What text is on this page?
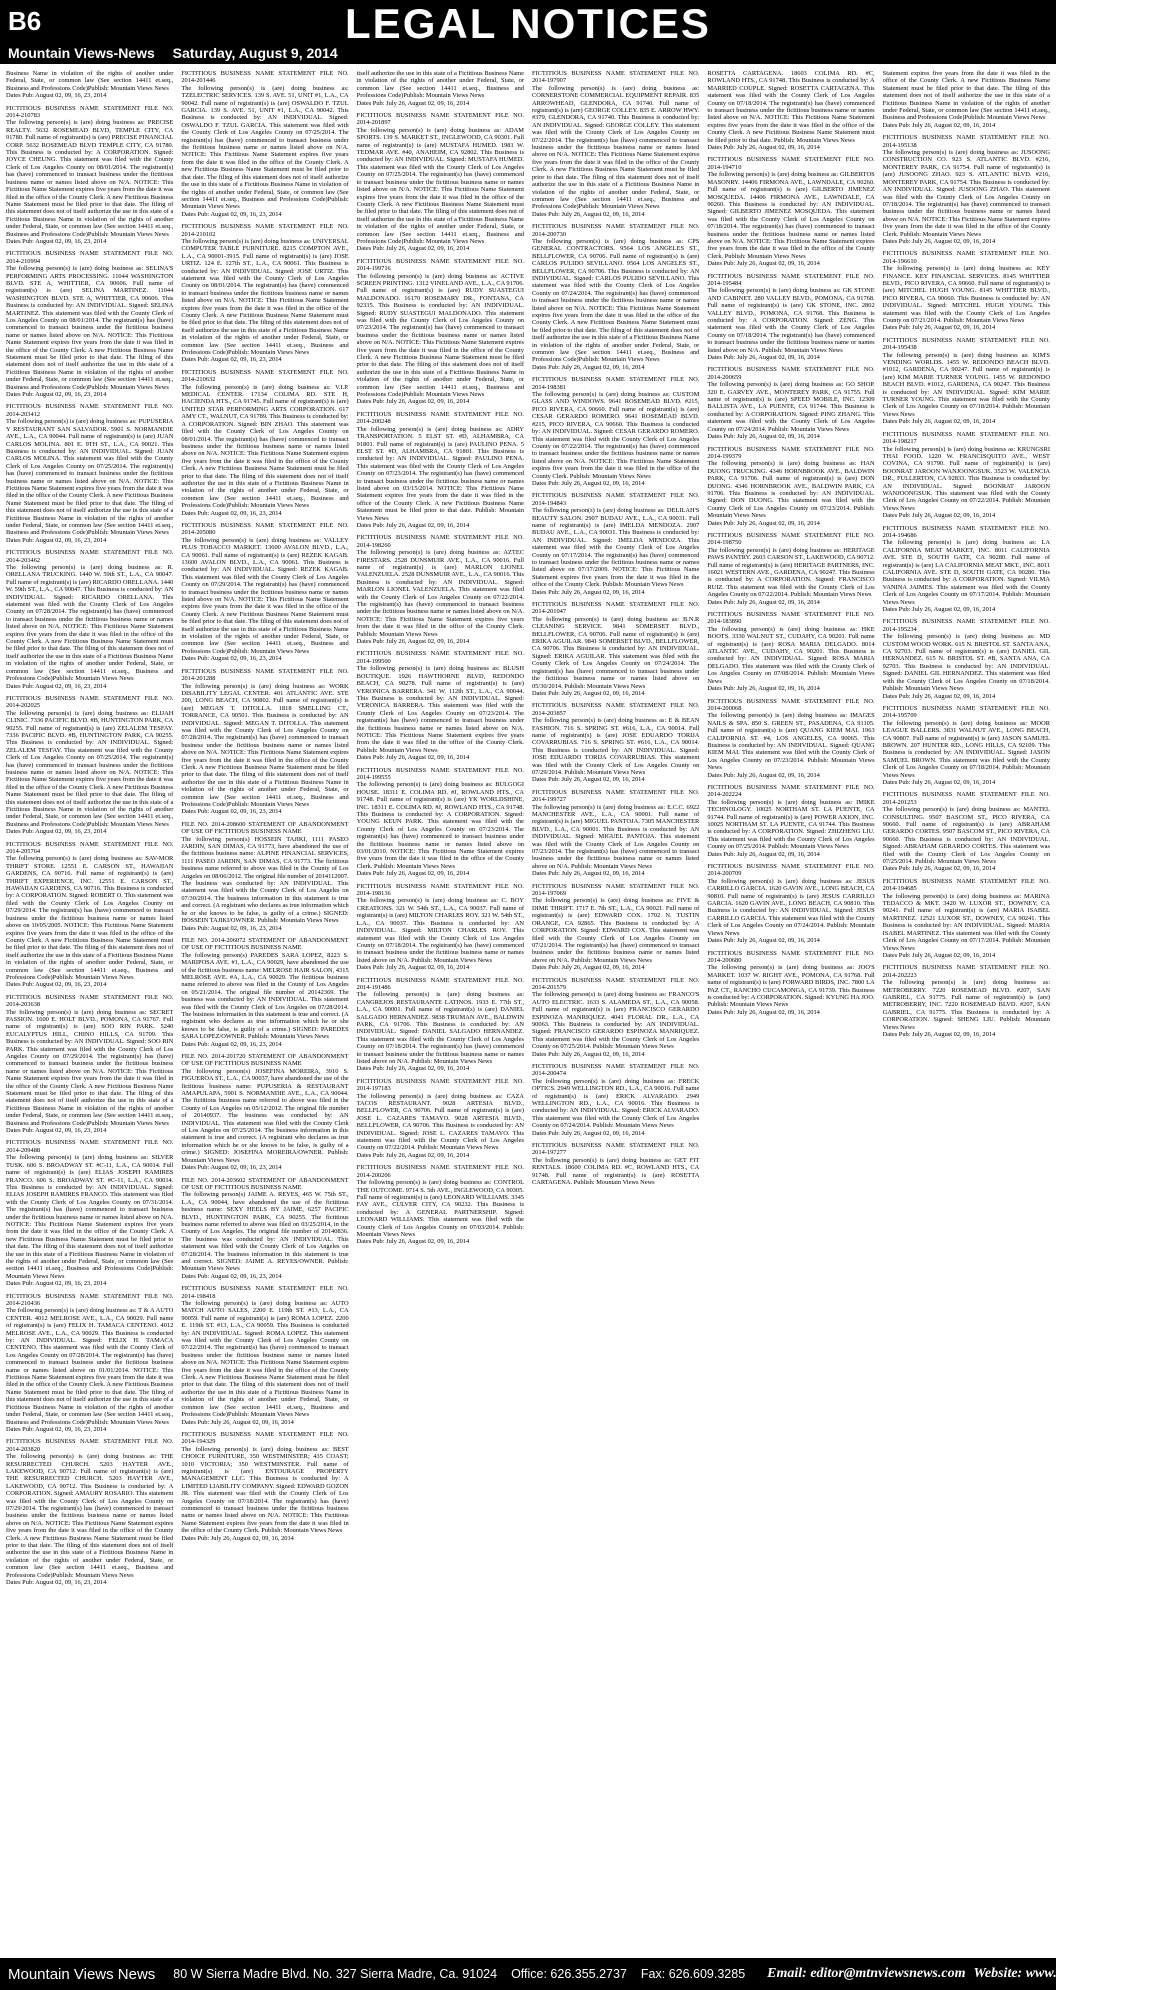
B6	LEGAL NOTICES
Mountain Views-News Saturday, August 9, 2014
Business Name in violation of the rights of another under Federal, State, or common law (See section 14411 et.seq., Business and Professions Code)Publish: Mountain Views News
Dates Pub: August 02, 09, 16, 23, 2014
FICTITIOUS BUSINESS NAME STATEMENT FILE NO. 2014-210783
The following person(s) is (are) doing business as: PRECISE REALTY. 5632 ROSEMEAD BLVD, TEMPLE CITY, CA 91780. Full name of registrant(s) is (are) PRECISE FINANCIAL CORP. 5632 ROSEMEAD BLVD TEMPLE CITY, CA 91780. This Business is conducted by: A CORPORATION. Signed: JOYCE CHEUNG. This statement was filed with the County Clerk of Los Angeles County on 08/01/2014. The registrant(s) has (have) commenced to transact business under the fictitious business name or names listed above on N/A. NOTICE: This Fictitious Name Statement expires five years from the date it was filed in the office of the County Clerk. A new Fictitious Business Name Statement must be filed prior to that date. The filing of this statement does not of itself authorize the use in this state of a Fictitious Business Name in violation of the rights of another under Federal, State, or common law (See section 14411 et.seq., Business and Professions Code)Publish: Mountain Views News
Dates Pub: August 02, 09, 16, 23, 2014
FICTITIOUS BUSINESS NAME STATEMENT FILE NO. 2014-210994
The following person(s) is (are) doing business as: SELINA'S PERFORMING ARTS PROCESSING. 11044 WASHINGTON BLVD. STE A, WHITTIER, CA 90606. Full name of registrant(s) is (are) SELINA MARTINEZ. 11044 WASHINGTON BLVD. STE A, WHITTIER, CA 90606. This Business is conducted by: AN INDIVIDUAL. Signed: SELINA MARTINEZ. This statement was filed with the County Clerk of Los Angeles County on 08/01/2014. The registrant(s) has (have) commenced to transact business under the fictitious business name or names listed above on N/A. NOTICE: This Fictitious Name Statement expires five years from the date it was filed in the office of the County Clerk. A new Fictitious Business Name Statement must be filed prior to that date. The filing of this statement does not of itself authorize the use in this state of a Fictitious Business Name in violation of the rights of another under Federal, State, or common law (See section 14411 et.seq., Business and Professions Code)Publish: Mountain Views News
Dates Pub: August 02, 09, 16, 23, 2014
FICTITIOUS BUSINESS NAME STATEMENT FILE NO. 2014-203412
The following person(s) is (are) doing business as: PUPUSERIA Y RESTAURANT SAN SALVADOR. 5901 S. NORMANDIE AVE., L.A., CA 90044. Full name of registrant(s) is (are) JUAN CARLOS MOLINA. 801 E. 9TH ST., L.A., CA 90021. This Business is conducted by: AN INDIVIDUAL. Signed: JUAN CARLOS MOLINA. This statement was filed with the County Clerk of Los Angeles County on 07/25/2014. The registrant(s) has (have) commenced to transact business under the fictitious business name or names listed above on N/A. NOTICE: This Fictitious Name Statement expires five years from the date it was filed in the office of the County Clerk. A new Fictitious Business Name Statement must be filed prior to that date. The filing of this statement does not of itself authorize the use in this state of a Fictitious Business Name in violation of the rights of another under Federal, State, or common law (See section 14411 et.seq., Business and Professions Code)Publish: Mountain Views News
Dates Pub: August 02, 09, 16, 23, 2014
FICTITIOUS BUSINESS NAME STATEMENT FILE NO. 2014-203462
The following person(s) is (are) doing business as: R. ORELLANA TRUCKING. 1440 W. 59th ST., L.A., CA 90047. Full name of registrant(s) is (are) RICARDO ORELLANA. 1440 W. 59th ST., L.A., CA 90047. This Business is conducted by: AN INDIVIDUAL. Signed: RICARDO ORELLANA. This statement was filed with the County Clerk of Los Angeles County on 07/28/2014. The registrant(s) has (have) commenced to transact business under the fictitious business name or names listed above on N/A. NOTICE: This Fictitious Name Statement expires five years from the date it was filed in the office of the County Clerk. A new Fictitious Business Name Statement must be filed prior to that date. The filing of this statement does not of itself authorize the use in this state of a Fictitious Business Name in violation of the rights of another under Federal, State, or common law (See section 14411 et.seq., Business and Professions Code)Publish: Mountain Views News
Dates Pub: August 02, 09, 16, 23, 2014
FICTITIOUS BUSINESS NAME STATEMENT FILE NO. 2014-202025
The following person(s) is (are) doing business as: ELIJAH CLINIC. 7336 PACIFIC BLVD. #B, HUNTINGTON PARK, CA 90255. Full name of registrant(s) is (are) ZELALEM TESFAY. 7336 PACIFIC BLVD. #B, HUNTINGTON PARK, CA 90255. This Business is conducted by: AN INDIVIDUAL. Signed: ZELALEM TESFAY. This statement was filed with the County Clerk of Los Angeles County on 07/25/2014. The registrant(s) has (have) commenced to transact business under the fictitious business name or names listed above on N/A. NOTICE: This Fictitious Name Statement expires five years from the date it was filed in the office of the County Clerk. A new Fictitious Business Name Statement must be filed prior to that date. The filing of this statement does not of itself authorize the use in this state of a Fictitious Business Name in violation of the rights of another under Federal, State, or common law (See section 14411 et.seq., Business and Professions Code)Publish: Mountain Views News
Dates Pub: August 02, 09, 16, 23, 2014
FICTITIOUS BUSINESS NAME STATEMENT FILE NO. 2014-205764
The following person(s) is (are) doing business as: SAV-MOR THRIFT STORE. 12551 E. CARSON ST., HAWAIIAN GARDENS, CA 90716. Full name of registrant(s) is (are) THRIFT EXPERIENCE, INC. 12551 E. CARSON ST., HAWAIIAN GARDENS, CA 90716. This Business is conducted by: A CORPORATION. Signed: ROBERT O. This statement was filed with the County Clerk of Los Angeles County on 07/29/2014. The registrant(s) has (have) commenced to transact business under the fictitious business name or names listed above on 10/05/2005. NOTICE: This Fictitious Name Statement expires five years from the date it was filed in the office of the County Clerk. A new Fictitious Business Name Statement must be filed prior to that date. The filing of this statement does not of itself authorize the use in this state of a Fictitious Business Name in violation of the rights of another under Federal, State, or common law (See section 14411 et.seq., Business and Professions Code)Publish: Mountain Views News
Dates Pub: August 02, 09, 16, 23, 2014
FICTITIOUS BUSINESS NAME STATEMENT FILE NO. 2014-203638
The following person(s) is (are) doing business as: SECRET PASSION. 1600 E. HOLT BLVD., POMONA, CA 91767. Full name of registrant(s) is (are) SOO RIN PARK. 5240 EUCALYPTUS HILL, CHINO HILLS, CA 91709. This Business is conducted by: AN INDIVIDUAL. Signed: SOO RIN PARK. This statement was filed with the County Clerk of Los Angeles County on 07/29/2014. The registrant(s) has (have) commenced to transact business under the fictitious business name or names listed above on N/A. NOTICE: This Fictitious Name Statement expires five years from the date it was filed in the office of the County Clerk. A new Fictitious Business Name Statement must be filed prior to that date. The filing of this statement does not of itself authorize the use in this state of a Fictitious Business Name in violation of the rights of another under Federal, State, or common law (See section 14411 et.seq., Business and Professions Code)Publish: Mountain Views News
Dates Pub: August 02, 09, 16, 23, 2014
FICTITIOUS BUSINESS NAME STATEMENT FILE NO. 2014-209488
The following person(s) is (are) doing business as: SILVER TUSK. 606 S. BROADWAY ST. #C-11, L.A., CA 90014. Full name of registrant(s) is (are) ELIAS JOSEPH RAMIRES FRANCO. 606 S. BROADWAY ST. #C-11, L.A., CA 90014. This Business is conducted by: AN INDIVIDUAL. Signed: ELIAS JOSEPH RAMIRES FRANCO. This statement was filed with the County Clerk of Los Angeles County on 07/31/2014. The registrant(s) has (have) commenced to transact business under the fictitious business name or names listed above on N/A. NOTICE: This Fictitious Name Statement expires five years from the date it was filed in the office of the County Clerk. A new Fictitious Business Name Statement must be filed prior to that date. The filing of this statement does not of itself authorize the use in this state of a Fictitious Business Name in violation of the rights of another under Federal, State, or common law (See section 14411 et.seq., Business and Professions Code)Publish: Mountain Views News
Dates Pub: August 02, 09, 16, 23, 2014
FICTITIOUS BUSINESS NAME STATEMENT FILE NO. 2014-210436
The following person(s) is (are) doing business as: T & A AUTO CENTER. 4012 MELROSE AVE., L.A., CA 90029. Full name of registrant(s) is (are) FELIX H. TAMACA CENTENO. 4012 MELROSE AVE., L.A., CA 90029. This Business is conducted by: AN INDIVIDUAL. Signed: FELIX H. TAMACA CENTENO. This statement was filed with the County Clerk of Los Angeles County on 07/28/2014. The registrant(s) has (have) commenced to transact business under the fictitious business name or names listed above on 01/01/2014. NOTICE: This Fictitious Name Statement expires five years from the date it was filed in the office of the County Clerk. A new Fictitious Business Name Statement must be filed prior to that date. The filing of this statement does not of itself authorize the use in this state of a Fictitious Business Name in violation of the rights of another under Federal, State, or common law (See section 14411 et.seq., Business and Professions Code)Publish: Mountain Views News
Dates Pub: August 02, 09, 16, 23, 2014
FICTITIOUS BUSINESS NAME STATEMENT FILE NO. 2014-203820
The following person(s) is (are) doing business as: THE RESURRECTED CHURCH. 5203 HAYTER AVE., LAKEWOOD, CA 90712. Full name of registrant(s) is (are) THE RESURRECTED CHURCH. 5203 HAYTER AVE., LAKEWOOD, CA 90712. This Business is conducted by: A CORPORATION. Signed: AMAURY ROSARIO. This statement was filed with the County Clerk of Los Angeles County on 07/29/2014. The registrant(s) has (have) commenced to transact business under the fictitious business name or names listed above on N/A. NOTICE: This Fictitious Name Statement expires five years from the date it was filed in the office of the County Clerk. A new Fictitious Business Name Statement must be filed prior to that date. The filing of this statement does not of itself authorize the use in this state of a Fictitious Business Name in violation of the rights of another under Federal, State, or common law (See section 14411 et.seq., Business and Professions Code)Publish: Mountain Views News
Dates Pub: August 02, 09, 16, 23, 2014
FICTITIOUS BUSINESS NAME STATEMENT FILE NO. 2014-201446
The following person(s) is (are) doing business as: TZELECTRIC SERVICES. 139 S. AVE. 51, UNIT #1, L.A., CA 90042. Full name of registrant(s) is (are) OSWALDO F. TZUL GARCIA. 139 S. AVE. 51, UNIT #1, L.A., CA 90042. This Business is conducted by: AN INDIVIDUAL. Signed: OSWALDO F. TZUL GARCIA. This statement was filed with the County Clerk of Los Angeles County on 07/25/2014. The registrant(s) has (have) commenced to transact business under the fictitious business name or names listed above on N/A. NOTICE: This Fictitious Name Statement expires five years from the date it was filed in the office of the County Clerk. A new Fictitious Business Name Statement must be filed prior to that date. The filing of this statement does not of itself authorize the use in this state of a Fictitious Business Name in violation of the rights of another under Federal, State, or common law (See section 14411 et.seq., Business and Professions Code)Publish: Mountain Views News
Dates Pub: August 02, 09, 16, 23, 2014
FICTITIOUS BUSINESS NAME STATEMENT FILE NO. 2014-210102
The following person(s) is (are) doing business as: UNIVERSAL COMPUTER TABLE FURNITURE. 8215 COMPTON AVE., L.A., CA 90001-3915. Full name of registrant(s) is (are) JOSE URTIZ. 124 E. 127th ST., L.A., CA 90061. This Business is conducted by: AN INDIVIDUAL. Signed: JOSE URTIZ. This statement was filed with the County Clerk of Los Angeles County on 08/01/2014. The registrant(s) has (have) commenced to transact business under the fictitious business name or names listed above on N/A. NOTICE: This Fictitious Name Statement expires five years from the date it was filed in the office of the County Clerk. A new Fictitious Business Name Statement must be filed prior to that date. The filing of this statement does not of itself authorize the use in this state of a Fictitious Business Name in violation of the rights of another under Federal, State, or common law (See section 14411 et.seq., Business and Professions Code)Publish: Mountain Views News
Dates Pub: August 02, 09, 16, 23, 2014
FICTITIOUS BUSINESS NAME STATEMENT FILE NO. 2014-210632
The following person(s) is (are) doing business as: V.I.P. MEDICAL CENTER. 17134 COLIMA RD. STE H, HACIENDA HTS., CA 91745. Full name of registrant(s) is (are) UNITED STAR PERFORMING ARTS CORPORATION. 617 AMY CT., WALNUT, CA 91789. This Business is conducted by: A CORPORATION. Signed: BIN ZHAO. This statement was filed with the County Clerk of Los Angeles County on 08/01/2014. The registrant(s) has (have) commenced to transact business under the fictitious business name or names listed above on N/A. NOTICE: This Fictitious Name Statement expires five years from the date it was filed in the office of the County Clerk. A new Fictitious Business Name Statement must be filed prior to that date. The filing of this statement does not of itself authorize the use in this state of a Fictitious Business Name in violation of the rights of another under Federal, State, or common law (See section 14411 et.seq., Business and Professions Code)Publish: Mountain Views News
Dates Pub: August 02, 09, 16, 23, 2014
FICTITIOUS BUSINESS NAME STATEMENT FILE NO. 2014-205080
The following person(s) is (are) doing business as: VALLEY PLUS TOBACCO MARKET. 13600 AVALON BLVD., L.A., CA 90061. Full name of registrant(s) is (are) REZEK KAGAB. 13600 AVALON BLVD., L.A., CA 90061. This Business is conducted by: AN INDIVIDUAL. Signed: REZEK KAGAB. This statement was filed with the County Clerk of Los Angeles County on 07/29/2014. The registrant(s) has (have) commenced to transact business under the fictitious business name or names listed above on N/A. NOTICE: This Fictitious Name Statement expires five years from the date it was filed in the office of the County Clerk. A new Fictitious Business Name Statement must be filed prior to that date. The filing of this statement does not of itself authorize the use in this state of a Fictitious Business Name in violation of the rights of another under Federal, State, or common law (See section 14411 et.seq., Business and Professions Code)Publish: Mountain Views News
Dates Pub: August 02, 09, 16, 23, 2014
FICTITIOUS BUSINESS NAME STATEMENT FILE NO. 2014-201288
The following person(s) is (are) doing business as: WORK DISABILITY LEGAL CENTER. 401 ATLANTIC AVE. STE 200, LONG BEACH, CA 90802. Full name of registrant(s) is (are) MEGAN T. DITOLLA. 1818 SMELLING CT., TORRANCE, CA 90501. This Business is conducted by: AN INDIVIDUAL. Signed: MEGAN T. DITOLLA. This statement was filed with the County Clerk of Los Angeles County on 07/28/2014. The registrant(s) has (have) commenced to transact business under the fictitious business name or names listed above on N/A. NOTICE: This Fictitious Name Statement expires five years from the date it was filed in the office of the County Clerk. A new Fictitious Business Name Statement must be filed prior to that date. The filing of this statement does not of itself authorize the use in this state of a Fictitious Business Name in violation of the rights of another under Federal, State, or common law (See section 14411 et.seq., Business and Professions Code)Publish: Mountain Views News
Dates Pub: August 02, 09, 16, 23, 2014
FILE NO. 2014-208600 STATEMENT OF ABANDONMENT OF USE OF FICTITIOUS BUSINESS NAME
The following person(s) HOSSEIN TAJIKI, 1111 PASEO JARDIN, SAN DIMAS, CA 91773, have abandoned the use of the fictitious business name: ALPINE FINANCIAL SERVICES, 1111 PASEO JARDIN, SAN DIMAS, CA 91773. The fictitious business name referred to above was filed in the County of Los Angeles on 08/06/2012. The original file number of 2014112007. The business was conducted by: AN INDIVIDUAL. This statement was filed with the County Clerk of Los Angeles on 07/30/2014. The business information in this statement is true and correct. (A registrant who declares as true information which he or she knows to be false, is guilty of a crime.) SIGNED: HOSSEIN TAJIKI/OWNER. Publish: Mountain Views News
Dates Pub: August 02, 09, 16, 23, 2014
FILE NO. 2014-206072 STATEMENT OF ABANDONMENT OF USE OF FICTITIOUS BUSINESS NAME
The following person(s) PAREDES SARA LOPEZ, 8223 S. MARIPOSA AVE. #1, L.A., CA 90029, have abandoned the use of the fictitious business name: MELROSE HAIR SALON, 4315 MELROSE AVE. #A, L.A., CA 90029. The fictitious business name referred to above was filed in the County of Los Angeles on 05/21/2014. The original file number of 20142369. The business was conducted by: AN INDIVIDUAL. This statement was filed with the County Clerk of Los Angeles on 07/28/2014. The business information in this statement is true and correct. (A registrant who declares as true information which he or she knows to be false, is guilty of a crime.) SIGNED: PAREDES SARA LOPEZ/OWNER. Publish: Mountain Views News
Dates Pub: August 02, 09, 16, 23, 2014
FILE NO. 2014-201720 STATEMENT OF ABANDONMENT OF USE OF FICTITIOUS BUSINESS NAME
The following person(s) JOSEFINA MOREIRA, 3910 S. FIGUEROA ST., L.A., CA 90037, have abandoned the use of the fictitious business name: PUPUSERIA & RESTAURANT AMAPULAPA, 5901 S. NORMANDIE AVE., L.A., CA 90044. The fictitious business name referred to above was filed in the County of Los Angeles on 05/12/2012. The original file number of 20140937. The business was conducted by: AN INDIVIDUAL. This statement was filed with the County Clerk of Los Angeles on 07/25/2014. The business information in this statement is true and correct. (A registrant who declares as true information which he or she knows to be false, is guilty of a crime.) SIGNED: JOSEFINA MOREIRA/OWNER. Publish: Mountain Views News
Dates Pub: August 02, 09, 16, 23, 2014
FILE NO. 2014-203602 STATEMENT OF ABANDONMENT OF USE OF FICTITIOUS BUSINESS NAME
The following person(s) JAIME A. REYES, 465 W. 75th ST., L.A., CA 90044, have abandoned the use of the fictitious business name: SEXY HEELS BY JAIME, 6257 PACIFIC BLVD., HUNTINGTON PARK, CA 90255. The fictitious business name referred to above was filed on 03/25/2014, in the County of Los Angeles. The original file number of 20140836. The business was conducted by: AN INDIVIDUAL. This statement was filed with the County Clerk of Los Angeles on 07/28/2014. The business information in this statement is true and correct. SIGNED: JAIME A. REYES/OWNER. Publish: Mountain Views News
Dates Pub: August 02, 09, 16, 23, 2014
FICTITIOUS BUSINESS NAME STATEMENT FILE NO. 2014-198418
The following person(s) is (are) doing business as: AUTO MATCH AUTO SALES, 2200 E. 119th ST. #13, L.A., CA 90059. Full name of registrant(s) is (are) ROMA LOPEZ. 2200 E. 119th ST. #13, L.A., CA 90059. This Business is conducted by: AN INDIVIDUAL. Signed: ROMA LOPEZ. This statement was filed with the County Clerk of Los Angeles County on 07/22/2014. The registrant(s) has (have) commenced to transact business under the fictitious business name or names listed above on N/A. NOTICE: This Fictitious Name Statement expires five years from the date it was filed in the office of the County Clerk. A new Fictitious Business Name Statement must be filed prior to that date. The filing of this statement does not of itself authorize the use in this state of a Fictitious Business Name in violation of the rights of another under Federal, State, or common law (See section 14411 et.seq., Business and Professions Code)Publish: Mountain Views News
Dates Pub: July 26, August 02, 09, 16, 2014
FICTITIOUS BUSINESS NAME STATEMENT FILE NO. 2014-194329
The following person(s) is (are) doing business as: BEST CHOICE FURNITURE, 350 WESTMINSTER; 435 COAST; 1010 VICTORIA; 350 WESTMINSTER. Full name of registrant(s) is (are) ENTOURAGE PROPERTY MANAGEMENT LLC. This Business is conducted by: A LIMITED LIABILITY COMPANY. Signed: EDWARD GOZON JR. This statement was filed with the County Clerk of Los Angeles County on 07/18/2014. The registrant(s) has (have) commenced to transact business under the fictitious business name or names listed above on N/A. NOTICE: This Fictitious Name Statement expires five years from the date it was filed in the office of the County Clerk. Publish: Mountain Views News
Dates Pub: July 26, August 02, 09, 16, 2014
itself authorize the use in this state of a Fictitious Business Name in violation of the rights of another under Federal, State, or common law (See section 14411 et.seq., Business and Professions Code)Publish: Mountain Views News
Dates Pub: July 26, August 02, 09, 16, 2014
FICTITIOUS BUSINESS NAME STATEMENT FILE NO. 2014-201897
The following person(s) is (are) doing business as: ADAM SPORTS. 139 S. MARKET ST., INGLEWOOD, CA 90301. Full name of registrant(s) is (are) MUSTAFA HUMED. 1981 W. TEDMAR AVE. #40, ANAHEIM, CA 92802. This Business is conducted by: AN INDIVIDUAL. Signed: MUSTAFA HUMED. This statement was filed with the County Clerk of Los Angeles County on 07/25/2014. The registrant(s) has (have) commenced to transact business under the fictitious business name or names listed above on N/A. NOTICE: This Fictitious Name Statement expires five years from the date it was filed in the office of the County Clerk. A new Fictitious Business Name Statement must be filed prior to that date. The filing of this statement does not of itself authorize the use in this state of a Fictitious Business Name in violation of the rights of another under Federal, State, or common law (See section 14411 et.seq., Business and Professions Code)Publish: Mountain Views News
Dates Pub: July 26, August 02, 09, 16, 2014
FICTITIOUS BUSINESS NAME STATEMENT FILE NO. 2014-199716
The following person(s) is (are) doing business as: ACTIVE SCREEN PRINTING. 1312 VINELAND AVE., L.A., CA 91706. Full name of registrant(s) is (are) RUDY SUASTEGUI MALDONADO. 16170 ROSEMARY DR., FONTANA, CA 92335. This Business is conducted by: AN INDIVIDUAL. Signed: RUDY SUASTEGUI MALDONADO. This statement was filed with the County Clerk of Los Angeles County on 07/23/2014. The registrant(s) has (have) commenced to transact business under the fictitious business name or names listed above on N/A. NOTICE: This Fictitious Name Statement expires five years from the date it was filed in the office of the County Clerk. A new Fictitious Business Name Statement must be filed prior to that date. The filing of this statement does not of itself authorize the use in this state of a Fictitious Business Name in violation of the rights of another under Federal, State, or common law (See section 14411 et.seq., Business and Professions Code)Publish: Mountain Views News
Dates Pub: July 26, August 02, 09, 16, 2014
FICTITIOUS BUSINESS NAME STATEMENT FILE NO. 2014-200248
The following person(s) is (are) doing business as: ADRY TRANSPORTATION. 5 ELST ST. #D, ALHAMBRA, CA 91801. Full name of registrant(s) is (are) PAULINO PENA. 5 ELST ST. #D, ALHAMBRA, CA 91801. This Business is conducted by: AN INDIVIDUAL. Signed: PAULINO PENA. This statement was filed with the County Clerk of Los Angeles County on 07/23/2014. The registrant(s) has (have) commenced to transact business under the fictitious business name or names listed above on 03/15/2014. NOTICE: This Fictitious Name Statement expires five years from the date it was filed in the office of the County Clerk. A new Fictitious Business Name Statement must be filed prior to that date. Publish: Mountain Views News
Dates Pub: July 26, August 02, 09, 16, 2014
FICTITIOUS BUSINESS NAME STATEMENT FILE NO. 2014-198260
The following person(s) is (are) doing business as: AZTEC FIRESTARS. 2528 DUNSMUIR AVE., L.A., CA 90016. Full name of registrant(s) is (are) MARLON LIONEL VALENZUELA. 2528 DUNSMUIR AVE., L.A., CA 90016. This Business is conducted by: AN INDIVIDUAL. Signed: MARLON LIONEL VALENZUELA. This statement was filed with the County Clerk of Los Angeles County on 07/22/2014. The registrant(s) has (have) commenced to transact business under the fictitious business name or names listed above on N/A. NOTICE: This Fictitious Name Statement expires five years from the date it was filed in the office of the County Clerk. Publish: Mountain Views News
Dates Pub: July 26, August 02, 09, 16, 2014
FICTITIOUS BUSINESS NAME STATEMENT FILE NO. 2014-199500
The following person(s) is (are) doing business as: BLUSH BOUTIQUE. 1926 HAWTHORNE BLVD, REDONDO BEACH, CA 90278. Full name of registrant(s) is (are) VERONICA BARRERA. 341 W. 112th ST., L.A., CA 90044. This Business is conducted by: AN INDIVIDUAL. Signed: VERONICA BARRERA. This statement was filed with the County Clerk of Los Angeles County on 07/23/2014. The registrant(s) has (have) commenced to transact business under the fictitious business name or names listed above on N/A. NOTICE: This Fictitious Name Statement expires five years from the date it was filed in the office of the County Clerk. Publish: Mountain Views News
Dates Pub: July 26, August 02, 09, 16, 2014
FICTITIOUS BUSINESS NAME STATEMENT FILE NO. 2014-199555
The following person(s) is (are) doing business as: BULGOGI HOUSE. 18311 E. COLIMA RD. #J, ROWLAND HTS., CA 91748. Full name of registrant(s) is (are) YK WORLDSHINE, INC. 18311 E. COLIMA RD. #J, ROWLAND HTS., CA 91748. This Business is conducted by: A CORPORATION. Signed: YOUNG KEUN PARK. This statement was filed with the County Clerk of Los Angeles County on 07/23/2014. The registrant(s) has (have) commenced to transact business under the fictitious business name or names listed above on 03/01/2010. NOTICE: This Fictitious Name Statement expires five years from the date it was filed in the office of the County Clerk. Publish: Mountain Views News
Dates Pub: July 26, August 02, 09, 16, 2014
FICTITIOUS BUSINESS NAME STATEMENT FILE NO. 2014-198136
The following person(s) is (are) doing business as: C. BOY CREATIONS. 321 W. 54th ST., L.A., CA 90037. Full name of registrant(s) is (are) MILTON CHARLES ROY. 321 W. 54th ST., L.A., CA 90037. This Business is conducted by: AN INDIVIDUAL. Signed: MILTON CHARLES ROY. This statement was filed with the County Clerk of Los Angeles County on 07/18/2014. The registrant(s) has (have) commenced to transact business under the fictitious business name or names listed above on N/A. Publish: Mountain Views News
Dates Pub: July 26, August 02, 09, 16, 2014
FICTITIOUS BUSINESS NAME STATEMENT FILE NO. 2014-191486
The following person(s) is (are) doing business as: CANGREJOS RESTAURANTE LATINOS. 1933 E. 77th ST., L.A., CA 90001. Full name of registrant(s) is (are) DANIEL SALGADO HERNANDEZ. 9838 TRUMAN AVE., BALDWIN PARK, CA 91706. This Business is conducted by: AN INDIVIDUAL. Signed: DANIEL SALGADO HERNANDEZ. This statement was filed with the County Clerk of Los Angeles County on 07/18/2014. The registrant(s) has (have) commenced to transact business under the fictitious business name or names listed above on N/A. Publish: Mountain Views News
Dates Pub: July 26, August 02, 09, 16, 2014
FICTITIOUS BUSINESS NAME STATEMENT FILE NO. 2014-197183
The following person(s) is (are) doing business as: CAZA TACOS RESTAURANT. 9028 ARTESIA BLVD., BELLFLOWER, CA 90706. Full name of registrant(s) is (are) JOSE L. CAZARES TAMAYO. 9028 ARTESIA BLVD., BELLFLOWER, CA 90706. This Business is conducted by: AN INDIVIDUAL. Signed: JOSE L. CAZARES TAMAYO. This statement was filed with the County Clerk of Los Angeles County on 07/22/2014. Publish: Mountain Views News
Dates Pub: July 26, August 02, 09, 16, 2014
FICTITIOUS BUSINESS NAME STATEMENT FILE NO. 2014-200206
The following person(s) is (are) doing business as: CONTROL THE OUTCOME. 9714 S. 5th AVE., INGLEWOOD, CA 90305. Full name of registrant(s) is (are) LEONARD WILLIAMS. 3345 FAY AVE., CULVER CITY, CA 90232. This Business is conducted by: A GENERAL PARTNERSHIP. Signed: LEONARD WILLIAMS. This statement was filed with the County Clerk of Los Angeles County on 07/03/2014. Publish: Mountain Views News
Dates Pub: July 26, August 02, 09, 16, 2014
FICTITIOUS BUSINESS NAME STATEMENT FILE NO. 2014-197907
The following person(s) is (are) doing business as: CORNERSTONE COMMERCIAL EQUIPMENT REPAIR. 835 ARROWHEAD, GLENDORA, CA 91740. Full name of registrant(s) is (are) GEORGE COLLEY. 835 E. ARROW HWY. #379, GLENDORA, CA 91740. This Business is conducted by: AN INDIVIDUAL. Signed: GEORGE COLLEY. This statement was filed with the County Clerk of Los Angeles County on 07/22/2014. The registrant(s) has (have) commenced to transact business under the fictitious business name or names listed above on N/A. NOTICE: This Fictitious Name Statement expires five years from the date it was filed in the office of the County Clerk. A new Fictitious Business Name Statement must be filed prior to that date. The filing of this statement does not of itself authorize the use in this state of a Fictitious Business Name in violation of the rights of another under Federal, State, or common law (See section 14411 et.seq., Business and Professions Code)Publish: Mountain Views News
Dates Pub: July 26, August 02, 09, 16, 2014
FICTITIOUS BUSINESS NAME STATEMENT FILE NO. 2014-200730
The following person(s) is (are) doing business as: CPS GENERAL CONTRACTORS. 9564 LOS ANGELES ST., BELLFLOWER, CA 90706. Full name of registrant(s) is (are) CARLOS PULIDO SEVILLANO. 9564 LOS ANGELES ST., BELLFLOWER, CA 90706. This Business is conducted by: AN INDIVIDUAL. Signed: CARLOS PULIDO SEVILLANO. This statement was filed with the County Clerk of Los Angeles County on 07/24/2014. The registrant(s) has (have) commenced to transact business under the fictitious business name or names listed above on N/A. NOTICE: This Fictitious Name Statement expires five years from the date it was filed in the office of the County Clerk. A new Fictitious Business Name Statement must be filed prior to that date. The filing of this statement does not of itself authorize the use in this state of a Fictitious Business Name in violation of the rights of another under Federal, State, or common law (See section 14411 et.seq., Business and Professions Code)Publish: Mountain Views News
Dates Pub: July 26, August 02, 09, 16, 2014
FICTITIOUS BUSINESS NAME STATEMENT FILE NO. 2014-198381
The following person(s) is (are) doing business as: CUSTOM GLASS AND WINDOWS. 9641 ROSEMEAD BLVD. #215, PICO RIVERA, CA 90660. Full name of registrant(s) is (are) CESAR GERARDO ROMERO. 9641 ROSEMEAD BLVD. #215, PICO RIVERA, CA 90660. This Business is conducted by: AN INDIVIDUAL. Signed: CESAR GERARDO ROMERO. This statement was filed with the County Clerk of Los Angeles County on 07/22/2014. The registrant(s) has (have) commenced to transact business under the fictitious business name or names listed above on N/A. NOTICE: This Fictitious Name Statement expires five years from the date it was filed in the office of the County Clerk. Publish: Mountain Views News
Dates Pub: July 26, August 02, 09, 16, 2014
FICTITIOUS BUSINESS NAME STATEMENT FILE NO. 2014-194843
The following person(s) is (are) doing business as: DELILAH'S BEAUTY SALON. 2907 BUDAU AVE., L.A., CA 90031. Full name of registrant(s) is (are) IMELDA MENDOZA. 2907 BUDAU AVE., L.A., CA 90031. This Business is conducted by: AN INDIVIDUAL. Signed: IMELDA MENDOZA. This statement was filed with the County Clerk of Los Angeles County on 07/17/2014. The registrant(s) has (have) commenced to transact business under the fictitious business name or names listed above on 07/17/2009. NOTICE: This Fictitious Name Statement expires five years from the date it was filed in the office of the County Clerk. Publish: Mountain Views News
Dates Pub: July 26, August 02, 09, 16, 2014
FICTITIOUS BUSINESS NAME STATEMENT FILE NO. 2014-201047
The following person(s) is (are) doing business as: B.N.R CLEANING SERVICE. 9841 SOMERSET BLVD., BELLFLOWER, CA 90706. Full name of registrant(s) is (are) ERIKA AGUILAR. 9841 SOMERSET BLVD., BELLFLOWER, CA 90706. This Business is conducted by: AN INDIVIDUAL. Signed: ERIKA AGUILAR. This statement was filed with the County Clerk of Los Angeles County on 07/24/2014. The registrant(s) has (have) commenced to transact business under the fictitious business name or names listed above on 05/30/2014. Publish: Mountain Views News
Dates Pub: July 26, August 02, 09, 16, 2014
FICTITIOUS BUSINESS NAME STATEMENT FILE NO. 2014-203857
The following person(s) is (are) doing business as: E & BEAN FASHION. 716 S. SPRING ST. #616, L.A., CA 90014. Full name of registrant(s) is (are) JOSE EDUARDO TORIJA COVARRUBIAS. 716 S. SPRING ST. #616, L.A., CA 90014. This Business is conducted by: AN INDIVIDUAL. Signed: JOSE EDUARDO TORIJA COVARRUBIAS. This statement was filed with the County Clerk of Los Angeles County on 07/29/2014. Publish: Mountain Views News
Dates Pub: July 26, August 02, 09, 16, 2014
FICTITIOUS BUSINESS NAME STATEMENT FILE NO. 2014-199727
The following person(s) is (are) doing business as: E.C.C. 6922 MANCHESTER AVE., L.A., CA 90001. Full name of registrant(s) is (are) MIGUEL PANTOJA. 7305 MANCHESTER BLVD., L.A., CA 90001. This Business is conducted by: AN INDIVIDUAL. Signed: MIGUEL PANTOJA. This statement was filed with the County Clerk of Los Angeles County on 07/23/2014. The registrant(s) has (have) commenced to transact business under the fictitious business name or names listed above on N/A. Publish: Mountain Views News
Dates Pub: July 26, August 02, 09, 16, 2014
FICTITIOUS BUSINESS NAME STATEMENT FILE NO. 2014-197069
The following person(s) is (are) doing business as: FIVE & DIME THRIFT. 1717 E. 7th ST., L.A., CA 90021. Full name of registrant(s) is (are) EDWARD COX. 1702 N. TUSTIN ORANGE, CA 92865. This Business is conducted by: A CORPORATION. Signed: EDWARD COX. This statement was filed with the County Clerk of Los Angeles County on 07/21/2014. The registrant(s) has (have) commenced to transact business under the fictitious business name or names listed above on N/A. Publish: Mountain Views News
Dates Pub: July 26, August 02, 09, 16, 2014
FICTITIOUS BUSINESS NAME STATEMENT FILE NO. 2014-201579
The following person(s) is (are) doing business as: FRANCO'S AUTO ELECTRIC. 1633 S. ALAMEDA ST., L.A., CA 90058. Full name of registrant(s) is (are) FRANCISCO GERARDO ESPINOZA MANRIQUEZ. 4041 FLORAL DR., L.A., CA 90063. This Business is conducted by: AN INDIVIDUAL. Signed: FRANCISCO GERARDO ESPINOZA MANRIQUEZ. This statement was filed with the County Clerk of Los Angeles County on 07/25/2014. Publish: Mountain Views News
Dates Pub: July 26, August 02, 09, 16, 2014
FICTITIOUS BUSINESS NAME STATEMENT FILE NO. 2014-200474
The following person(s) is (are) doing business as: FRECK OPTICS. 2949 WELLINGTON RD., L.A., CA 90016. Full name of registrant(s) is (are) ERICK ALVARADO. 2949 WELLINGTON RD., L.A., CA 90016. This Business is conducted by: AN INDIVIDUAL. Signed: ERICK ALVARADO. This statement was filed with the County Clerk of Los Angeles County on 07/24/2014. Publish: Mountain Views News
Dates Pub: July 26, August 02, 09, 16, 2014
FICTITIOUS BUSINESS NAME STATEMENT FILE NO. 2014-197277
The following person(s) is (are) doing business as: GET FIT RENTALS. 18600 COLIMA RD. #C, ROWLAND HTS., CA 91748. Full name of registrant(s) is (are) ROSETTA CARTAGENA. Publish: Mountain Views News
ROSETTA CARTAGENA. 18603 COLIMA RD. #C, ROWLAND HTS., CA 91748. This Business is conducted by: A MARRIED COUPLE. Signed: ROSETTA CARTAGENA. This statement was filed with the County Clerk of Los Angeles County on 07/18/2014. The registrant(s) has (have) commenced to transact business under the fictitious business name or names listed above on N/A. NOTICE: This Fictitious Name Statement expires five years from the date it was filed in the office of the County Clerk. A new Fictitious Business Name Statement must be filed prior to that date. Publish: Mountain Views News
Dates Pub: July 26, August 02, 09, 16, 2014
FICTITIOUS BUSINESS NAME STATEMENT FILE NO. 2014-194710
The following person(s) is (are) doing business as: GILBERTOS MASONRY. 14406 FIRMONA AVE., LAWNDALE, CA 90260. Full name of registrant(s) is (are) GILBERTO JIMENEZ MOSQUEDA. 14406 FIRMONA AVE., LAWNDALE, CA 90260. This Business is conducted by: AN INDIVIDUAL. Signed: GILBERTO JIMENEZ MOSQUEDA. This statement was filed with the County Clerk of Los Angeles County on 07/18/2014. The registrant(s) has (have) commenced to transact business under the fictitious business name or names listed above on N/A. NOTICE: This Fictitious Name Statement expires five years from the date it was filed in the office of the County Clerk. Publish: Mountain Views News
Dates Pub: July 26, August 02, 09, 16, 2014
FICTITIOUS BUSINESS NAME STATEMENT FILE NO. 2014-195484
The following person(s) is (are) doing business as: GK STONE AND CABINET. 280 VALLEY BLVD., POMONA, CA 91768. Full name of registrant(s) is (are) GK STONE, INC. 2802 VALLEY BLVD., POMONA, CA 91768. This Business is conducted by: A CORPORATION. Signed: ZENG. This statement was filed with the County Clerk of Los Angeles County on 07/18/2014. The registrant(s) has (have) commenced to transact business under the fictitious business name or names listed above on N/A. Publish: Mountain Views News
Dates Pub: July 26, August 02, 09, 16, 2014
FICTITIOUS BUSINESS NAME STATEMENT FILE NO. 2014-200659
The following person(s) is (are) doing business as: GO SHOP. 320 E. GARVEY AVE., MONTEREY PARK, CA 91755. Full name of registrant(s) is (are) SPEED MOBILE, INC. 12309 BALLISTA AVE., LA PUENTE, CA 91744. This Business is conducted by: A CORPORATION. Signed: PING ZHANG. This statement was filed with the County Clerk of Los Angeles County on 07/24/2014. Publish: Mountain Views News
Dates Pub: July 26, August 02, 09, 16, 2014
FICTITIOUS BUSINESS NAME STATEMENT FILE NO. 2014-199379
The following person(s) is (are) doing business as: HAN DUONG TRUCKING. 4346 HORNBROOK AVE., BALDWIN PARK, CA 91706. Full name of registrant(s) is (are) DON DUONG. 4346 HORNBROOK AVE., BALDWIN PARK, CA 91706. This Business is conducted by: AN INDIVIDUAL. Signed: DON DUONG. This statement was filed with the County Clerk of Los Angeles County on 07/23/2014. Publish: Mountain Views News
Dates Pub: July 26, August 02, 09, 16, 2014
FICTITIOUS BUSINESS NAME STATEMENT FILE NO. 2014-198750
The following person(s) is (are) doing business as: HERITAGE PAWS PANTRY. 2603 CARSON ST., LAKEWOOD, CA 90712. Full name of registrant(s) is (are) HERITAGE PARTNERS, INC. 16021 WESTERN AVE., GARDENA, CA 90247. This Business is conducted by: A CORPORATION. Signed: FRANCISCO RUIZ. This statement was filed with the County Clerk of Los Angeles County on 07/22/2014. Publish: Mountain Views News
Dates Pub: July 26, August 02, 09, 16, 2014
FICTITIOUS BUSINESS NAME STATEMENT FILE NO. 2014-183890
The following person(s) is (are) doing business as: HKE BOOTS. 3330 WALNUT ST., CUDAHY, CA 90201. Full name of registrant(s) is (are) ROSA MARIA DELGADO. 8014 ATLANTIC AVE., CUDAHY, CA 90201. This Business is conducted by: AN INDIVIDUAL. Signed: ROSA MARIA DELGADO. This statement was filed with the County Clerk of Los Angeles County on 07/08/2014. Publish: Mountain Views News
Dates Pub: July 26, August 02, 09, 16, 2014
FICTITIOUS BUSINESS NAME STATEMENT FILE NO. 2014-200068
The following person(s) is (are) doing business as: IMAGES NAILS & SPA. 850 S. GREEN ST., PASADENA, CA 91105. Full name of registrant(s) is (are) QUANG KIEM MAI. 1963 CALIFORNIA ST. #4, LOS ANGELES, CA 90065. This Business is conducted by: AN INDIVIDUAL. Signed: QUANG KIEM MAI. This statement was filed with the County Clerk of Los Angeles County on 07/23/2014. Publish: Mountain Views News
Dates Pub: July 26, August 02, 09, 16, 2014
FICTITIOUS BUSINESS NAME STATEMENT FILE NO. 2014-202224
The following person(s) is (are) doing business as: IMIKE TECHNOLOGY. 10025 NORTHAM ST. LA PUENTE, CA 91744. Full name of registrant(s) is (are) POWER AXION, INC. 10025 NORTHAM ST. LA PUENTE, CA 91744. This Business is conducted by: A CORPORATION. Signed: ZHIZHENG LIU. This statement was filed with the County Clerk of Los Angeles County on 07/25/2014. Publish: Mountain Views News
Dates Pub: July 26, August 02, 09, 16, 2014
FICTITIOUS BUSINESS NAME STATEMENT FILE NO. 2014-200709
The following person(s) is (are) doing business as: JESUS CARRILLO GARCIA. 1620 GAVIN AVE., LONG BEACH, CA 90810. Full name of registrant(s) is (are) JESUS CARRILLO GARCIA. 1620 GAVIN AVE., LONG BEACH, CA 90810. This Business is conducted by: AN INDIVIDUAL. Signed: JESUS CARRILLO GARCIA. This statement was filed with the County Clerk of Los Angeles County on 07/24/2014. Publish: Mountain Views News
Dates Pub: July 26, August 02, 09, 16, 2014
FICTITIOUS BUSINESS NAME STATEMENT FILE NO. 2014-200680
The following person(s) is (are) doing business as: JOO'S MARKET. 1037 W. RIGHT AVE., POMONA, CA 91768. Full name of registrant(s) is (are) FORWARD BIRDS, INC. 7800 LA PAZ CT., RANCHO CUCAMONGA, CA 91739. This Business is conducted by: A CORPORATION. Signed: KYUNG HA JOO. Publish: Mountain Views News
Dates Pub: July 26, August 02, 09, 16, 2014
Statement expires five years from the date it was filed in the office of the County Clerk. A new Fictitious Business Name Statement must be filed prior to that date. The filing of this statement does not of itself authorize the use in this state of a Fictitious Business Name in violation of the rights of another under Federal, State, or common law (See section 14411 et.seq., Business and Professions Code)Publish: Mountain Views News
Dates Pub: July 26, August 02, 09, 16, 2014
FICTITIOUS BUSINESS NAME STATEMENT FILE NO. 2014-195138
The following person(s) is (are) doing business as: JUSOONG CONSTRUCTION CO. 923 S. ATLANTIC BLVD. #216, MONTEREY PARK, CA 91754. Full name of registrant(s) is (are) JUSOONG ZHAO. 923 S. ATLANTIC BLVD. #216, MONTEREY PARK, CA 91754. This Business is conducted by: AN INDIVIDUAL. Signed: JUSOONG ZHAO. This statement was filed with the County Clerk of Los Angeles County on 07/18/2014. The registrant(s) has (have) commenced to transact business under the fictitious business name or names listed above on N/A. NOTICE: This Fictitious Name Statement expires five years from the date it was filed in the office of the County Clerk. Publish: Mountain Views News
Dates Pub: July 26, August 02, 09, 16, 2014
FICTITIOUS BUSINESS NAME STATEMENT FILE NO. 2014-196610
The following person(s) is (are) doing business as: KEY FINANCE. KEY FINANCIAL SERVICES. 8145 WHITTIER BLVD., PICO RIVERA, CA 90660. Full name of registrant(s) is (are) MITCHEL HUGH YOUNG. 8145 WHITTIER BLVD., PICO RIVERA, CA 90660. This Business is conducted by: AN INDIVIDUAL. Signed: MITCHEL HUGH YOUNG. This statement was filed with the County Clerk of Los Angeles County on 07/21/2014. Publish: Mountain Views News
Dates Pub: July 26, August 02, 09, 16, 2014
FICTITIOUS BUSINESS NAME STATEMENT FILE NO. 2014-195438
The following person(s) is (are) doing business as: KIM'S VENDING WORLDS. 1455 W. REDONDO BEACH BLVD. #1012, GARDENA, CA 90247. Full name of registrant(s) is (are) KIM MARIE TURNER YOUNG. 1455 W. REDONDO BEACH BLVD. #1012, GARDENA, CA 90247. This Business is conducted by: AN INDIVIDUAL. Signed: KIM MARIE TURNER YOUNG. This statement was filed with the County Clerk of Los Angeles County on 07/18/2014. Publish: Mountain Views News
Dates Pub: July 26, August 02, 09, 16, 2014
FICTITIOUS BUSINESS NAME STATEMENT FILE NO. 2014-198217
The following person(s) is (are) doing business as: KRUNGSRI THAI FOOD. 1220 W. FRANCISQUITO AVE., WEST COVINA, CA 91790. Full name of registrant(s) is (are) BOONRAT JAROON WANJOONGSUK. 3523 W. VALENCIA DR., FULLERTON, CA 92833. This Business is conducted by: AN INDIVIDUAL. Signed: BOONRAT JAROON WANJOONGSUK. This statement was filed with the County Clerk of Los Angeles County on 07/22/2014. Publish: Mountain Views News
Dates Pub: July 26, August 02, 09, 16, 2014
FICTITIOUS BUSINESS NAME STATEMENT FILE NO. 2014-194686
The following person(s) is (are) doing business as: LA CALIFORNIA MEAT MARKET, INC. 8011 CALIFORNIA AVE. STE D, SOUTH GATE, CA 90280. Full name of registrant(s) is (are) LA CALIFORNIA MEAT MKT., INC. 8011 CALIFORNIA AVE. STE D, SOUTH GATE, CA 90280. This Business is conducted by: A CORPORATION. Signed: VILMA VANINA JAIMES. This statement was filed with the County Clerk of Los Angeles County on 07/17/2014. Publish: Mountain Views News
Dates Pub: July 26, August 02, 09, 16, 2014
FICTITIOUS BUSINESS NAME STATEMENT FILE NO. 2014-195234
The following person(s) is (are) doing business as: MD CUSTOM WOOD WORK. 615 N. BRISTOL ST. SANTA ANA, CA 92703. Full name of registrant(s) is (are) DANIEL GIL HERNANDEZ. 615 N. BRISTOL ST. #B, SANTA ANA, CA 92703. This Business is conducted by: AN INDIVIDUAL. Signed: DANIEL GIL HERNANDEZ. This statement was filed with the County Clerk of Los Angeles County on 07/18/2014. Publish: Mountain Views News
Dates Pub: July 26, August 02, 09, 16, 2014
FICTITIOUS BUSINESS NAME STATEMENT FILE NO. 2014-195709
The following person(s) is (are) doing business as: MOOR LEAGUE BALLERS. 3831 WALNUT AVE., LONG BEACH, CA 90807. Full name of registrant(s) is (are) JASON SAMUEL BROWN. 207 HUNTER RD., LONG HILLS, CA 92109. This Business is conducted by: AN INDIVIDUAL. Signed: JASON SAMUEL BROWN. This statement was filed with the County Clerk of Los Angeles County on 07/18/2014. Publish: Mountain Views News
Dates Pub: July 26, August 02, 09, 16, 2014
FICTITIOUS BUSINESS NAME STATEMENT FILE NO. 2014-201253
The following person(s) is (are) doing business as: MANTEL CONSULTING. 9507 BASCOM ST., PICO RIVERA, CA 90660. Full name of registrant(s) is (are) ABRAHAM GERARDO CORTES. 9507 BASCOM ST., PICO RIVERA, CA 90660. This Business is conducted by: AN INDIVIDUAL. Signed: ABRAHAM GERARDO CORTES. This statement was filed with the County Clerk of Los Angeles County on 07/25/2014. Publish: Mountain Views News
Dates Pub: July 26, August 02, 09, 16, 2014
FICTITIOUS BUSINESS NAME STATEMENT FILE NO. 2014-194685
The following person(s) is (are) doing business as: MARINA TEDACCO & MKT. 3420 W. LUXOR ST., DOWNEY, CA 90241. Full name of registrant(s) is (are) MARIA ISABEL MARTINEZ. 12521 LUXOR ST., DOWNEY, CA 90241. This Business is conducted by: AN INDIVIDUAL. Signed: MARIA ISABEL MARTINEZ. This statement was filed with the County Clerk of Los Angeles County on 07/17/2014. Publish: Mountain Views News
Dates Pub: July 26, August 02, 09, 16, 2014
FICTITIOUS BUSINESS NAME STATEMENT FILE NO. 2014-202223
The following person(s) is (are) doing business as: METROBERRY. 7220 ROSEMEAD BLVD. #207, SAN GABRIEL, CA 91775. Full name of registrant(s) is (are) METROBERRY, INC. 7220 ROSEMEAD BLVD. #207, SAN GABRIEL, CA 91775. This Business is conducted by: A CORPORATION. Signed: SHENG LIU. Publish: Mountain Views News
Dates Pub: July 26, August 02, 09, 16, 2014
Mountain Views News 80 W Sierra Madre Blvd. No. 327 Sierra Madre, Ca. 91024 Office: 626.355.2737 Fax: 626.609.3285 Email: editor@mtnviewsnews.com Website: www.mtnviewsnews.com
